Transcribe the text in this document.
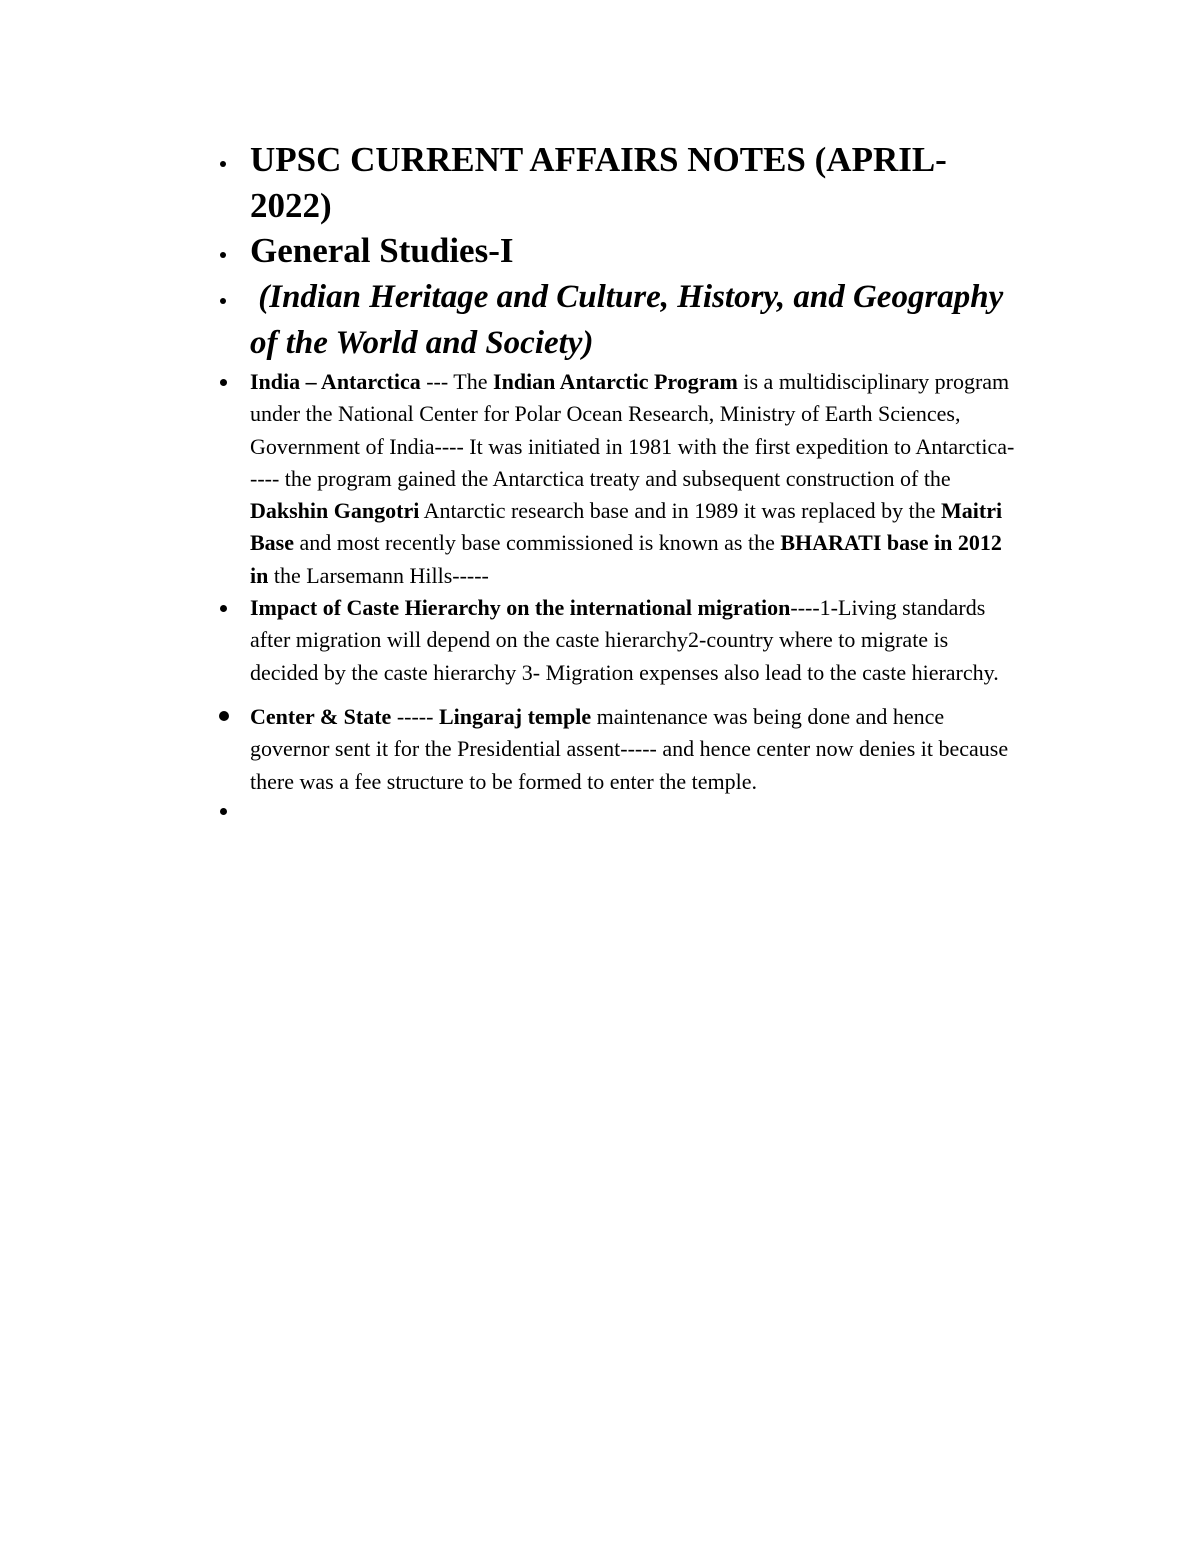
UPSC CURRENT AFFAIRS NOTES (APRIL-2022)
General Studies-I
(Indian Heritage and Culture, History, and Geography of the World and Society)
India – Antarctica --- The Indian Antarctic Program is a multidisciplinary program under the National Center for Polar Ocean Research, Ministry of Earth Sciences, Government of India---- It was initiated in 1981 with the first expedition to Antarctica----- the program gained the Antarctica treaty and subsequent construction of the Dakshin Gangotri Antarctic research base and in 1989 it was replaced by the Maitri Base and most recently base commissioned is known as the BHARATI base in 2012  in the Larsemann Hills-----
Impact of Caste Hierarchy on the international migration----1-Living standards after migration will depend on the caste hierarchy2-country where to migrate is decided by the caste hierarchy 3- Migration expenses also lead to the caste hierarchy.
Center & State ----- Lingaraj temple maintenance was being done and hence governor sent it for the Presidential assent----- and hence center now denies it because there was a fee structure to be formed to enter the temple.
